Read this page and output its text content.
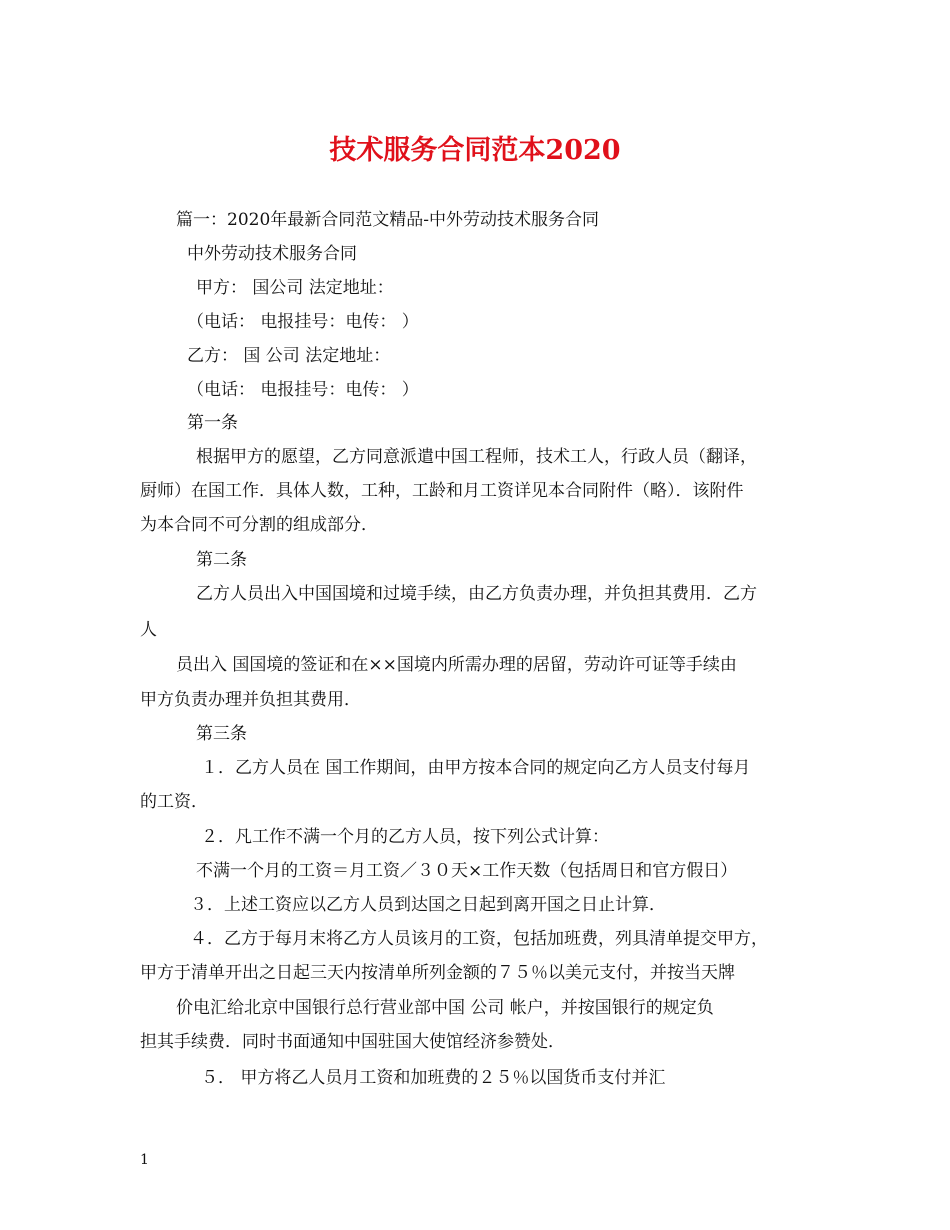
技术服务合同范本2020
篇一：2020年最新合同范文精品-中外劳动技术服务合同
中外劳动技术服务合同
甲方： 国公司 法定地址：
（电话： 电报挂号：电传： ）
乙方： 国 公司 法定地址：
（电话： 电报挂号：电传： ）
第一条
根据甲方的愿望，乙方同意派遣中国工程师，技术工人，行政人员（翻译，
厨师）在国工作．具体人数，工种，工龄和月工资详见本合同附件（略）．该附件
为本合同不可分割的组成部分．
第二条
乙方人员出入中国国境和过境手续，由乙方负责办理，并负担其费用．乙方
人
员出入 国国境的签证和在××国境内所需办理的居留，劳动许可证等手续由
甲方负责办理并负担其费用．
第三条
１．乙方人员在 国工作期间，由甲方按本合同的规定向乙方人员支付每月
的工资．
２．凡工作不满一个月的乙方人员，按下列公式计算：
不满一个月的工资＝月工资／３０天×工作天数（包括周日和官方假日）
３．上述工资应以乙方人员到达国之日起到离开国之日止计算．
４．乙方于每月末将乙方人员该月的工资，包括加班费，列具清单提交甲方，
甲方于清单开出之日起三天内按清单所列金额的７５％以美元支付，并按当天牌
价电汇给北京中国银行总行营业部中国 公司 帐户，并按国银行的规定负
担其手续费．同时书面通知中国驻国大使馆经济参赞处．
５． 甲方将乙人员月工资和加班费的２５％以国货币支付并汇
1
